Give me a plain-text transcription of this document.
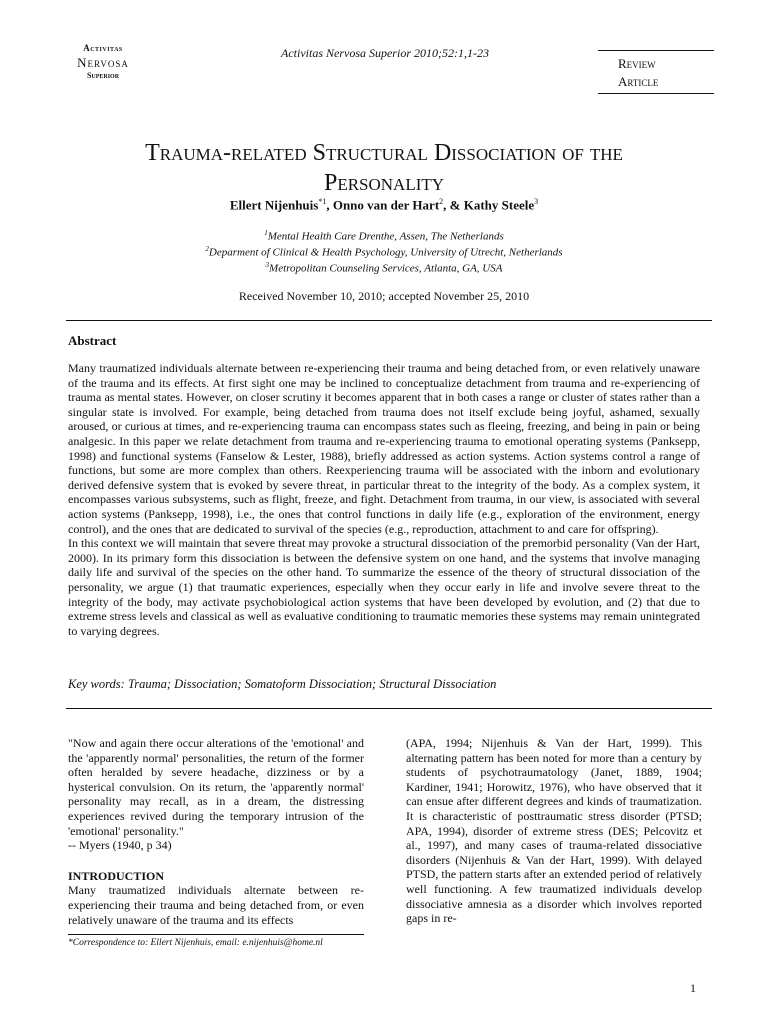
Activitas
Nervosa
Superior
Activitas Nervosa Superior 2010;52:1,1-23
Review
Article
Trauma-related Structural Dissociation of the
Personality
Ellert Nijenhuis$^{*1}$, Onno van der Hart$^2$, & Kathy Steele$^3$
$^1$Mental Health Care Drenthe, Assen, The Netherlands
$^2$Deparment of Clinical & Health Psychology, University of Utrecht, Netherlands
$^3$Metropolitan Counseling Services, Atlanta, GA, USA
Received November 10, 2010; accepted November 25, 2010
Abstract

Many traumatized individuals alternate between re-experiencing their trauma and being detached from, or even relatively unaware of the trauma and its effects. At first sight one may be inclined to conceptualize detachment from trauma and re-experiencing of trauma as mental states. However, on closer scrutiny it becomes apparent that in both cases a range or cluster of states rather than a singular state is involved. For example, being detached from trauma does not itself exclude being joyful, ashamed, sexually aroused, or curious at times, and re-experiencing trauma can encompass states such as fleeing, freezing, and being in pain or being analgesic. In this paper we relate detachment from trauma and re-experiencing trauma to emotional operating systems (Panksepp, 1998) and functional systems (Fanselow & Lester, 1988), briefly addressed as action systems. Action systems control a range of functions, but some are more complex than others. Reexperiencing trauma will be associated with the inborn and evolutionary derived defensive system that is evoked by severe threat, in particular threat to the integrity of the body. As a complex system, it encompasses various subsystems, such as flight, freeze, and fight. Detachment from trauma, in our view, is associated with several action systems (Panksepp, 1998), i.e., the ones that control functions in daily life (e.g., exploration of the environment, energy control), and the ones that are dedicated to survival of the species (e.g., reproduction, attachment to and care for offspring).

In this context we will maintain that severe threat may provoke a structural dissociation of the premorbid personality (Van der Hart, 2000). In its primary form this dissociation is between the defensive system on one hand, and the systems that involve managing daily life and survival of the species on the other hand. To summarize the essence of the theory of structural dissociation of the personality, we argue (1) that traumatic experiences, especially when they occur early in life and involve severe threat to the integrity of the body, may activate psychobiological action systems that have been developed by evolution, and (2) that due to extreme stress levels and classical as well as evaluative conditioning to traumatic memories these systems may remain unintegrated to varying degrees.

Key words: Trauma; Dissociation; Somatoform Dissociation; Structural Dissociation

"Now and again there occur alterations of the 'emotional' and the 'apparently normal' personalities, the return of the former often heralded by severe headache, dizziness or by a hysterical convulsion. On its return, the 'apparently normal' personality may recall, as in a dream, the distressing experiences revived during the temporary intrusion of the 'emotional' personality."

-- Myers (1940, p 34)

INTRODUCTION

Many traumatized individuals alternate between re-experiencing their trauma and being detached from, or even relatively unaware of the trauma and its effects

(APA, 1994; Nijenhuis & Van der Hart, 1999). This alternating pattern has been noted for more than a century by students of psychotraumatology (Janet, 1889, 1904; Kardiner, 1941; Horowitz, 1976), who have observed that it can ensue after different degrees and kinds of traumatization. It is characteristic of posttraumatic stress disorder (PTSD; APA, 1994), disorder of extreme stress (DES; Pelcovitz et al., 1997), and many cases of trauma-related dissociative disorders (Nijenhuis & Van der Hart, 1999). With delayed PTSD, the pattern starts after an extended period of relatively well functioning. A few traumatized individuals develop dissociative amnesia as a disorder which involves reported gaps in re-

*Correspondence to: Ellert Nijenhuis, email: e.nijenhuis@home.nl
1
